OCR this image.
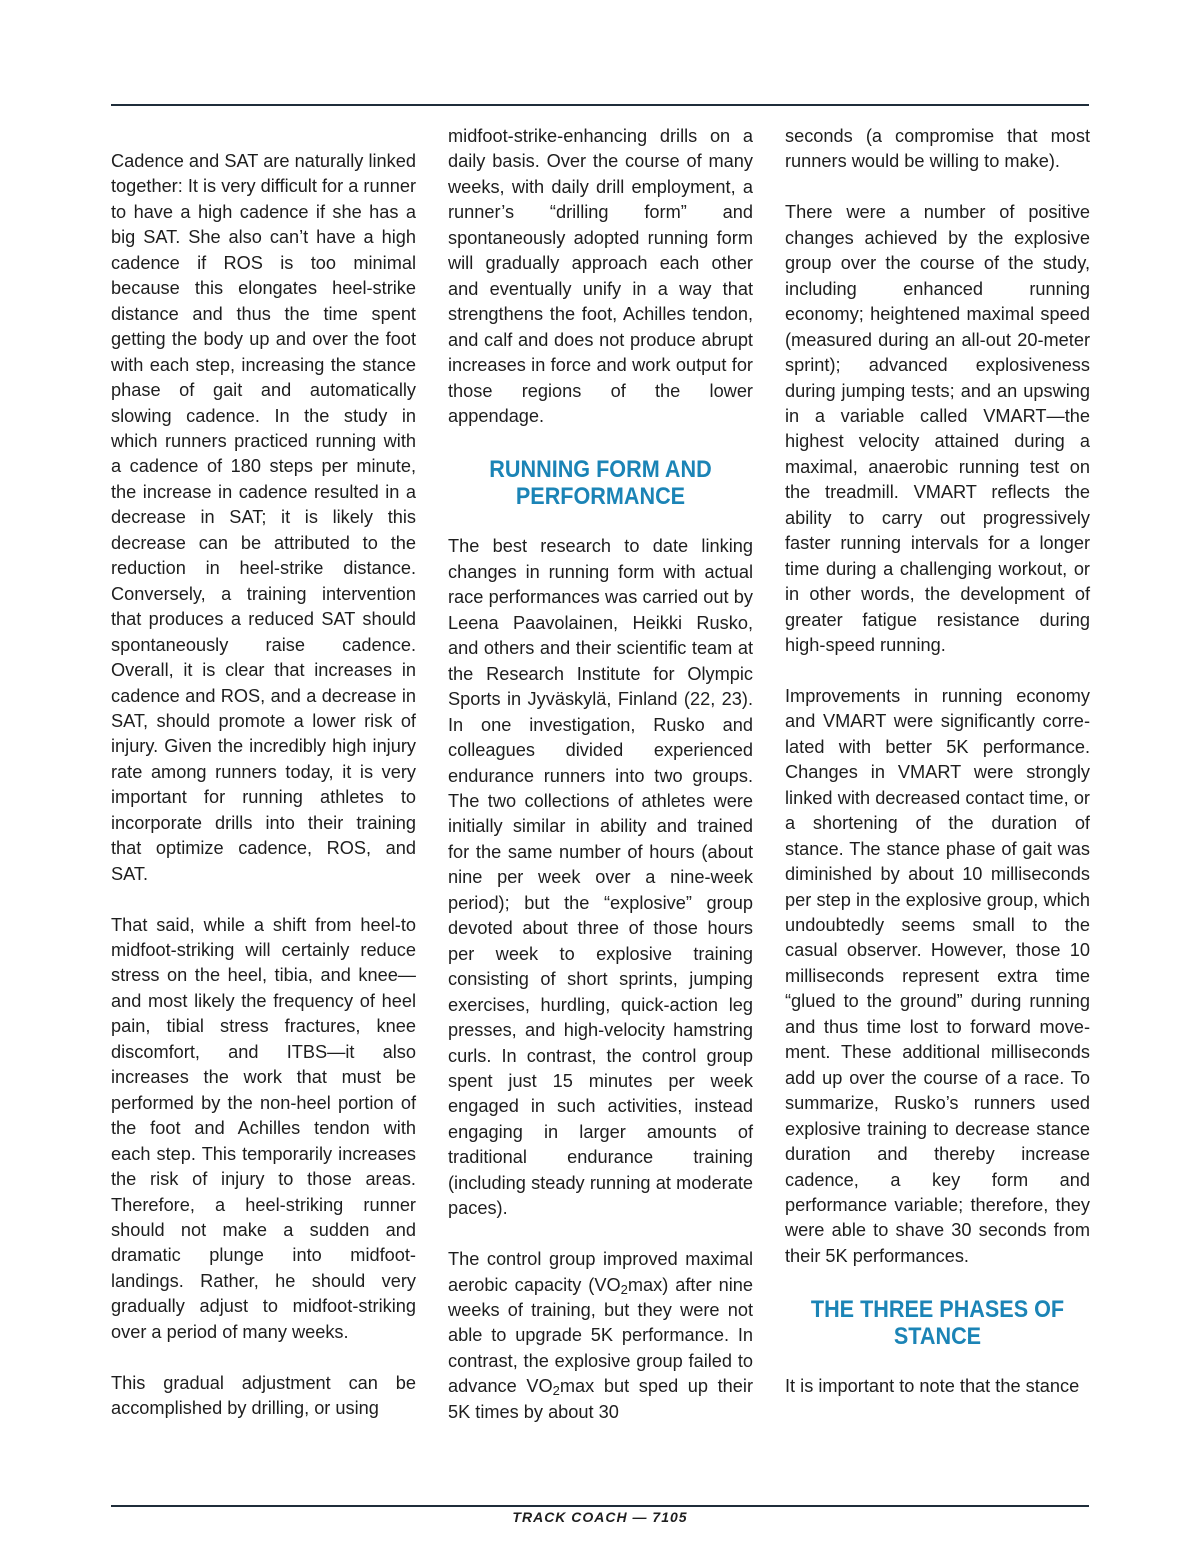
Cadence and SAT are naturally linked together: It is very difficult for a runner to have a high cadence if she has a big SAT. She also can’t have a high cadence if ROS is too minimal because this elongates heel-strike distance and thus the time spent getting the body up and over the foot with each step, increasing the stance phase of gait and automatically slowing cadence. In the study in which runners practiced running with a cadence of 180 steps per minute, the increase in cadence resulted in a decrease in SAT; it is likely this decrease can be attributed to the reduction in heel-strike distance. Conversely, a training intervention that produces a reduced SAT should spontaneously raise cadence. Overall, it is clear that increases in cadence and ROS, and a decrease in SAT, should promote a lower risk of injury. Given the incredibly high injury rate among runners today, it is very important for running athletes to incorporate drills into their training that optimize cadence, ROS, and SAT.

That said, while a shift from heel-to midfoot-striking will certainly reduce stress on the heel, tibia, and knee—and most likely the frequency of heel pain, tibial stress fractures, knee discomfort, and ITBS—it also increases the work that must be performed by the non-heel portion of the foot and Achilles tendon with each step. This temporarily increases the risk of injury to those areas. Therefore, a heel-striking runner should not make a sudden and dramatic plunge into midfoot-landings. Rather, he should very gradually adjust to midfoot-striking over a period of many weeks.

This gradual adjustment can be accomplished by drilling, or using

midfoot-strike-enhancing drills on a daily basis. Over the course of many weeks, with daily drill employment, a runner’s “drilling form” and spontaneously adopted running form will gradually approach each other and eventually unify in a way that strengthens the foot, Achilles tendon, and calf and does not produce abrupt increases in force and work output for those regions of the lower appendage.

RUNNING FORM AND
PERFORMANCE

The best research to date linking changes in running form with actual race performances was carried out by Leena Paavolainen, Heikki Rusko, and others and their scientific team at the Research Institute for Olympic Sports in Jyväskylä, Finland (22, 23). In one investigation, Rusko and colleagues divided experienced endurance runners into two groups. The two collections of athletes were initially similar in ability and trained for the same number of hours (about nine per week over a nine-week period); but the “explosive” group devoted about three of those hours per week to explosive training consisting of short sprints, jumping exercises, hurdling, quick-action leg presses, and high-velocity hamstring curls. In contrast, the control group spent just 15 minutes per week engaged in such activities, instead engaging in larger amounts of traditional endurance training (including steady running at moderate paces).

The control group improved maximal aerobic capacity $(VO_2\max)$ after nine weeks of training, but they were not able to upgrade 5K performance. In contrast, the explosive group failed to advance $VO_2\max$ but sped up their 5K times by about 30

seconds (a compromise that most runners would be willing to make).

There were a number of positive changes achieved by the explosive group over the course of the study, including enhanced running economy; heightened maximal speed (measured during an all-out 20-meter sprint); advanced explosiveness during jumping tests; and an upswing in a variable called VMART—the highest velocity attained during a maximal, anaerobic running test on the treadmill. VMART reflects the ability to carry out progressively faster running intervals for a longer time during a challenging workout, or in other words, the development of greater fatigue resistance during high-speed running.

Improvements in running economy and VMART were significantly correlated with better 5K performance. Changes in VMART were strongly linked with decreased contact time, or a shortening of the duration of stance. The stance phase of gait was diminished by about 10 milliseconds per step in the explosive group, which undoubtedly seems small to the casual observer. However, those 10 milliseconds represent extra time “glued to the ground” during running and thus time lost to forward movement. These additional milliseconds add up over the course of a race. To summarize, Rusko’s runners used explosive training to decrease stance duration and thereby increase cadence, a key form and performance variable; therefore, they were able to shave 30 seconds from their 5K performances.

THE THREE PHASES OF
STANCE

It is important to note that the stance

TRACK COACH — 7105
